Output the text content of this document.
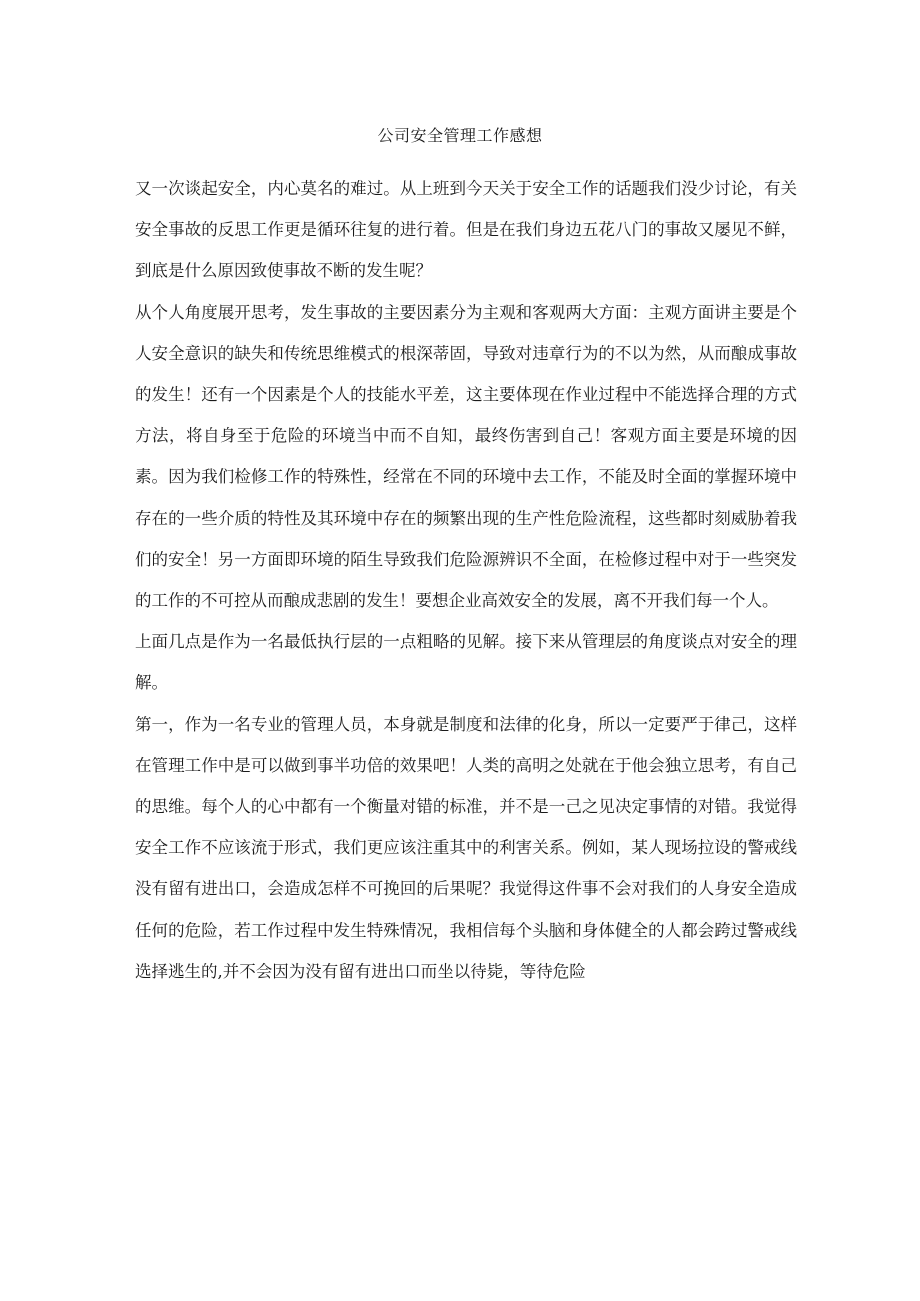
公司安全管理工作感想

又一次谈起安全，内心莫名的难过。从上班到今天关于安全工作的话题我们没少讨论，有关安全事故的反思工作更是循环往复的进行着。但是在我们身边五花八门的事故又屡见不鲜，到底是什么原因致使事故不断的发生呢？

从个人角度展开思考，发生事故的主要因素分为主观和客观两大方面：主观方面讲主要是个人安全意识的缺失和传统思维模式的根深蒂固，导致对违章行为的不以为然，从而酿成事故的发生！还有一个因素是个人的技能水平差，这主要体现在作业过程中不能选择合理的方式方法，将自身至于危险的环境当中而不自知，最终伤害到自己！客观方面主要是环境的因素。因为我们检修工作的特殊性，经常在不同的环境中去工作，不能及时全面的掌握环境中存在的一些介质的特性及其环境中存在的频繁出现的生产性危险流程，这些都时刻威胁着我们的安全！另一方面即环境的陌生导致我们危险源辨识不全面，在检修过程中对于一些突发的工作的不可控从而酿成悲剧的发生！要想企业高效安全的发展，离不开我们每一个人。

上面几点是作为一名最低执行层的一点粗略的见解。接下来从管理层的角度谈点对安全的理解。

第一，作为一名专业的管理人员，本身就是制度和法律的化身，所以一定要严于律己，这样在管理工作中是可以做到事半功倍的效果吧！人类的高明之处就在于他会独立思考，有自己的思维。每个人的心中都有一个衡量对错的标准，并不是一己之见决定事情的对错。我觉得安全工作不应该流于形式，我们更应该注重其中的利害关系。例如，某人现场拉设的警戒线没有留有进出口，会造成怎样不可挽回的后果呢？我觉得这件事不会对我们的人身安全造成任何的危险，若工作过程中发生特殊情况，我相信每个头脑和身体健全的人都会跨过警戒线选择逃生的,并不会因为没有留有进出口而坐以待毙，等待危险
